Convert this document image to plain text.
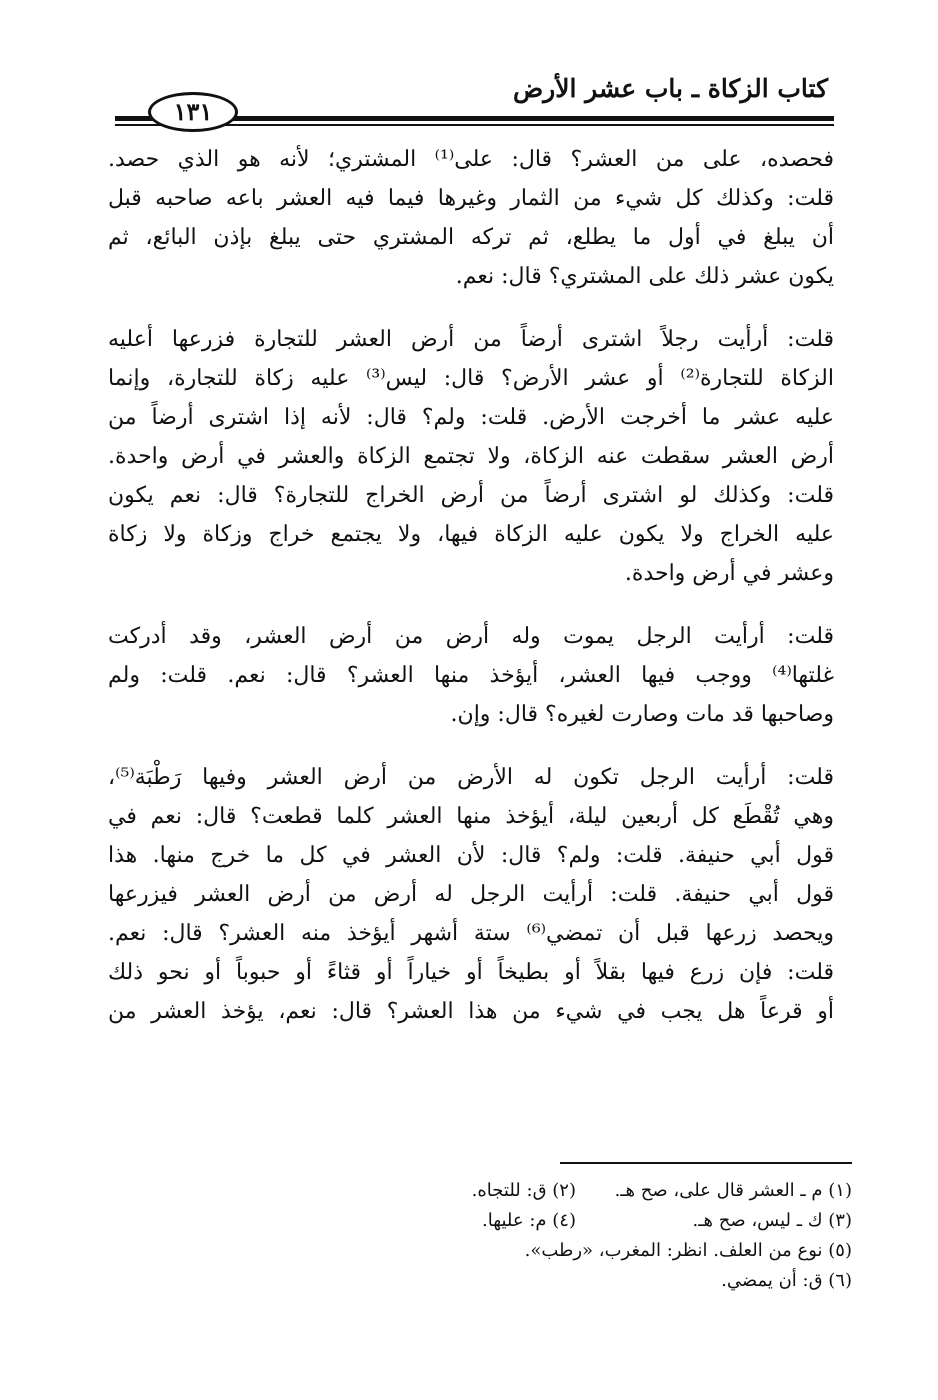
كتاب الزكاة ـ باب عشر الأرض
١٣١

فحصده، على من العشر؟ قال: على⁽¹⁾ المشتري؛ لأنه هو الذي حصد.
قلت: وكذلك كل شيء من الثمار وغيرها فيما فيه العشر باعه صاحبه قبل
أن يبلغ في أول ما يطلع، ثم تركه المشتري حتى يبلغ بإذن البائع، ثم
يكون عشر ذلك على المشتري؟ قال: نعم.

قلت: أرأيت رجلاً اشترى أرضاً من أرض العشر للتجارة فزرعها أعليه
الزكاة للتجارة⁽²⁾ أو عشر الأرض؟ قال: ليس⁽³⁾ عليه زكاة للتجارة، وإنما
عليه عشر ما أخرجت الأرض. قلت: ولم؟ قال: لأنه إذا اشترى أرضاً من
أرض العشر سقطت عنه الزكاة، ولا تجتمع الزكاة والعشر في أرض واحدة.
قلت: وكذلك لو اشترى أرضاً من أرض الخراج للتجارة؟ قال: نعم يكون
عليه الخراج ولا يكون عليه الزكاة فيها، ولا يجتمع خراج وزكاة ولا زكاة
وعشر في أرض واحدة.

قلت: أرأيت الرجل يموت وله أرض من أرض العشر، وقد أدركت
غلتها⁽⁴⁾ ووجب فيها العشر، أيؤخذ منها العشر؟ قال: نعم. قلت: ولم
وصاحبها قد مات وصارت لغيره؟ قال: وإن.

قلت: أرأيت الرجل تكون له الأرض من أرض العشر وفيها رَطْبَة⁽⁵⁾،
وهي تُقْطَع كل أربعين ليلة، أيؤخذ منها العشر كلما قطعت؟ قال: نعم في
قول أبي حنيفة. قلت: ولم؟ قال: لأن العشر في كل ما خرج منها. هذا
قول أبي حنيفة. قلت: أرأيت الرجل له أرض من أرض العشر فيزرعها
ويحصد زرعها قبل أن تمضي⁽⁶⁾ ستة أشهر أيؤخذ منه العشر؟ قال: نعم.
قلت: فإن زرع فيها بقلاً أو بطيخاً أو خياراً أو قثاءً أو حبوباً أو نحو ذلك
أو قرعاً هل يجب في شيء من هذا العشر؟ قال: نعم، يؤخذ العشر من

(١) م ـ العشر قال على، صح هـ.
(٢) ق: للتجاه.
(٣) ك ـ ليس، صح هـ.
(٤) م: عليها.
(٥) نوع من العلف. انظر: المغرب، «رطب».
(٦) ق: أن يمضي.
